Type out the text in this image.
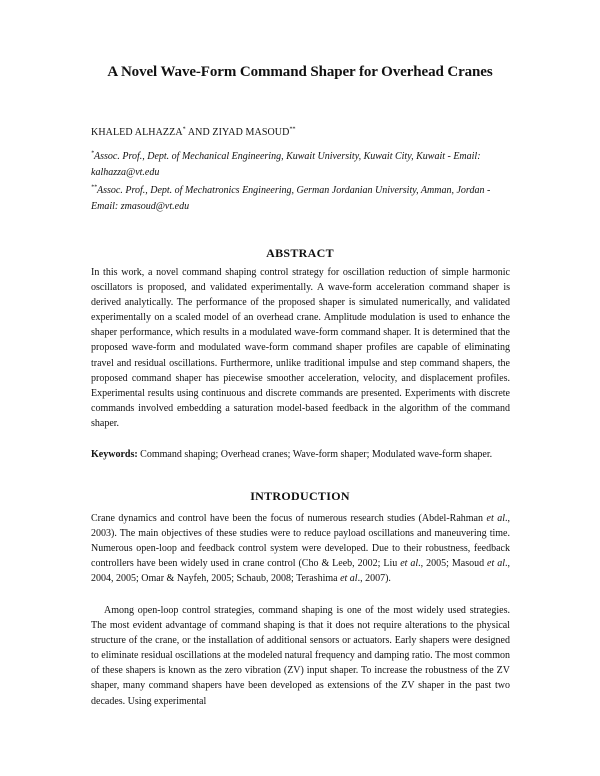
A Novel Wave-Form Command Shaper for Overhead Cranes
KHALED ALHAZZA* AND ZIYAD MASOUD**
*Assoc. Prof., Dept. of Mechanical Engineering, Kuwait University, Kuwait City, Kuwait - Email: kalhazza@vt.edu
**Assoc. Prof., Dept. of Mechatronics Engineering, German Jordanian University, Amman, Jordan - Email: zmasoud@vt.edu
ABSTRACT

In this work, a novel command shaping control strategy for oscillation reduction of simple harmonic oscillators is proposed, and validated experimentally. A wave-form acceleration command shaper is derived analytically. The performance of the proposed shaper is simulated numerically, and validated experimentally on a scaled model of an overhead crane. Amplitude modulation is used to enhance the shaper performance, which results in a modulated wave-form command shaper. It is determined that the proposed wave-form and modulated wave-form command shaper profiles are capable of eliminating travel and residual oscillations. Furthermore, unlike traditional impulse and step command shapers, the proposed command shaper has piecewise smoother acceleration, velocity, and displacement profiles. Experimental results using continuous and discrete commands are presented. Experiments with discrete commands involved embedding a saturation model-based feedback in the algorithm of the command shaper.

Keywords: Command shaping; Overhead cranes; Wave-form shaper; Modulated wave-form shaper.

INTRODUCTION

Crane dynamics and control have been the focus of numerous research studies (Abdel-Rahman et al., 2003). The main objectives of these studies were to reduce payload oscillations and maneuvering time. Numerous open-loop and feedback control system were developed. Due to their robustness, feedback controllers have been widely used in crane control (Cho & Leeb, 2002; Liu et al., 2005; Masoud et al., 2004, 2005; Omar & Nayfeh, 2005; Schaub, 2008; Terashima et al., 2007).

Among open-loop control strategies, command shaping is one of the most widely used strategies. The most evident advantage of command shaping is that it does not require alterations to the physical structure of the crane, or the installation of additional sensors or actuators. Early shapers were designed to eliminate residual oscillations at the modeled natural frequency and damping ratio. The most common of these shapers is known as the zero vibration (ZV) input shaper. To increase the robustness of the ZV shaper, many command shapers have been developed as extensions of the ZV shaper in the past two decades. Using experimental
